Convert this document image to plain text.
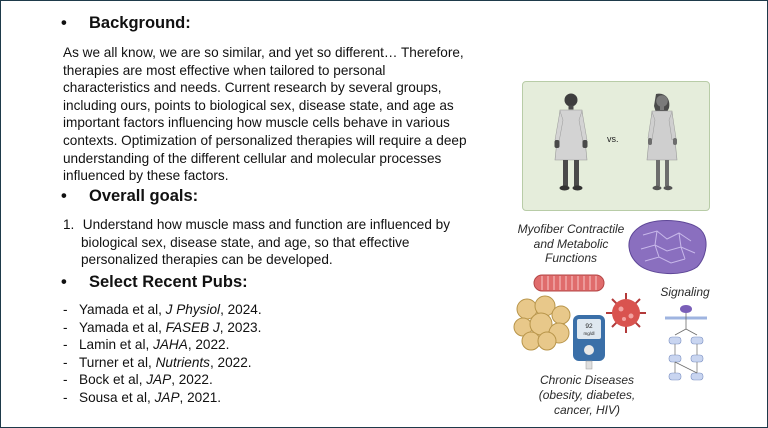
• Background:
As we all know, we are so similar, and yet so different… Therefore,
therapies are most effective when tailored to personal
characteristics and needs. Current research by several groups,
including ours, points to biological sex, disease state, and age as
important factors influencing how muscle cells behave in various
contexts. Optimization of personalized therapies will require a deep
understanding of the different cellular and molecular processes
influenced by these factors.
• Overall goals:
1. Understand how muscle mass and function are influenced by
biological sex, disease state, and age, so that effective
personalized therapies can be developed.
• Select Recent Pubs:
- Yamada et al, J Physiol, 2024.
- Yamada et al, FASEB J, 2023.
- Lamin et al, JAHA, 2022.
- Turner et al, Nutrients, 2022.
- Bock et al, JAP, 2022.
- Sousa et al, JAP, 2021.
vs.
Myofiber Contractile
and Metabolic
Functions
92
mg/dl
Chronic Diseases
(obesity, diabetes,
cancer, HIV)
Signaling
